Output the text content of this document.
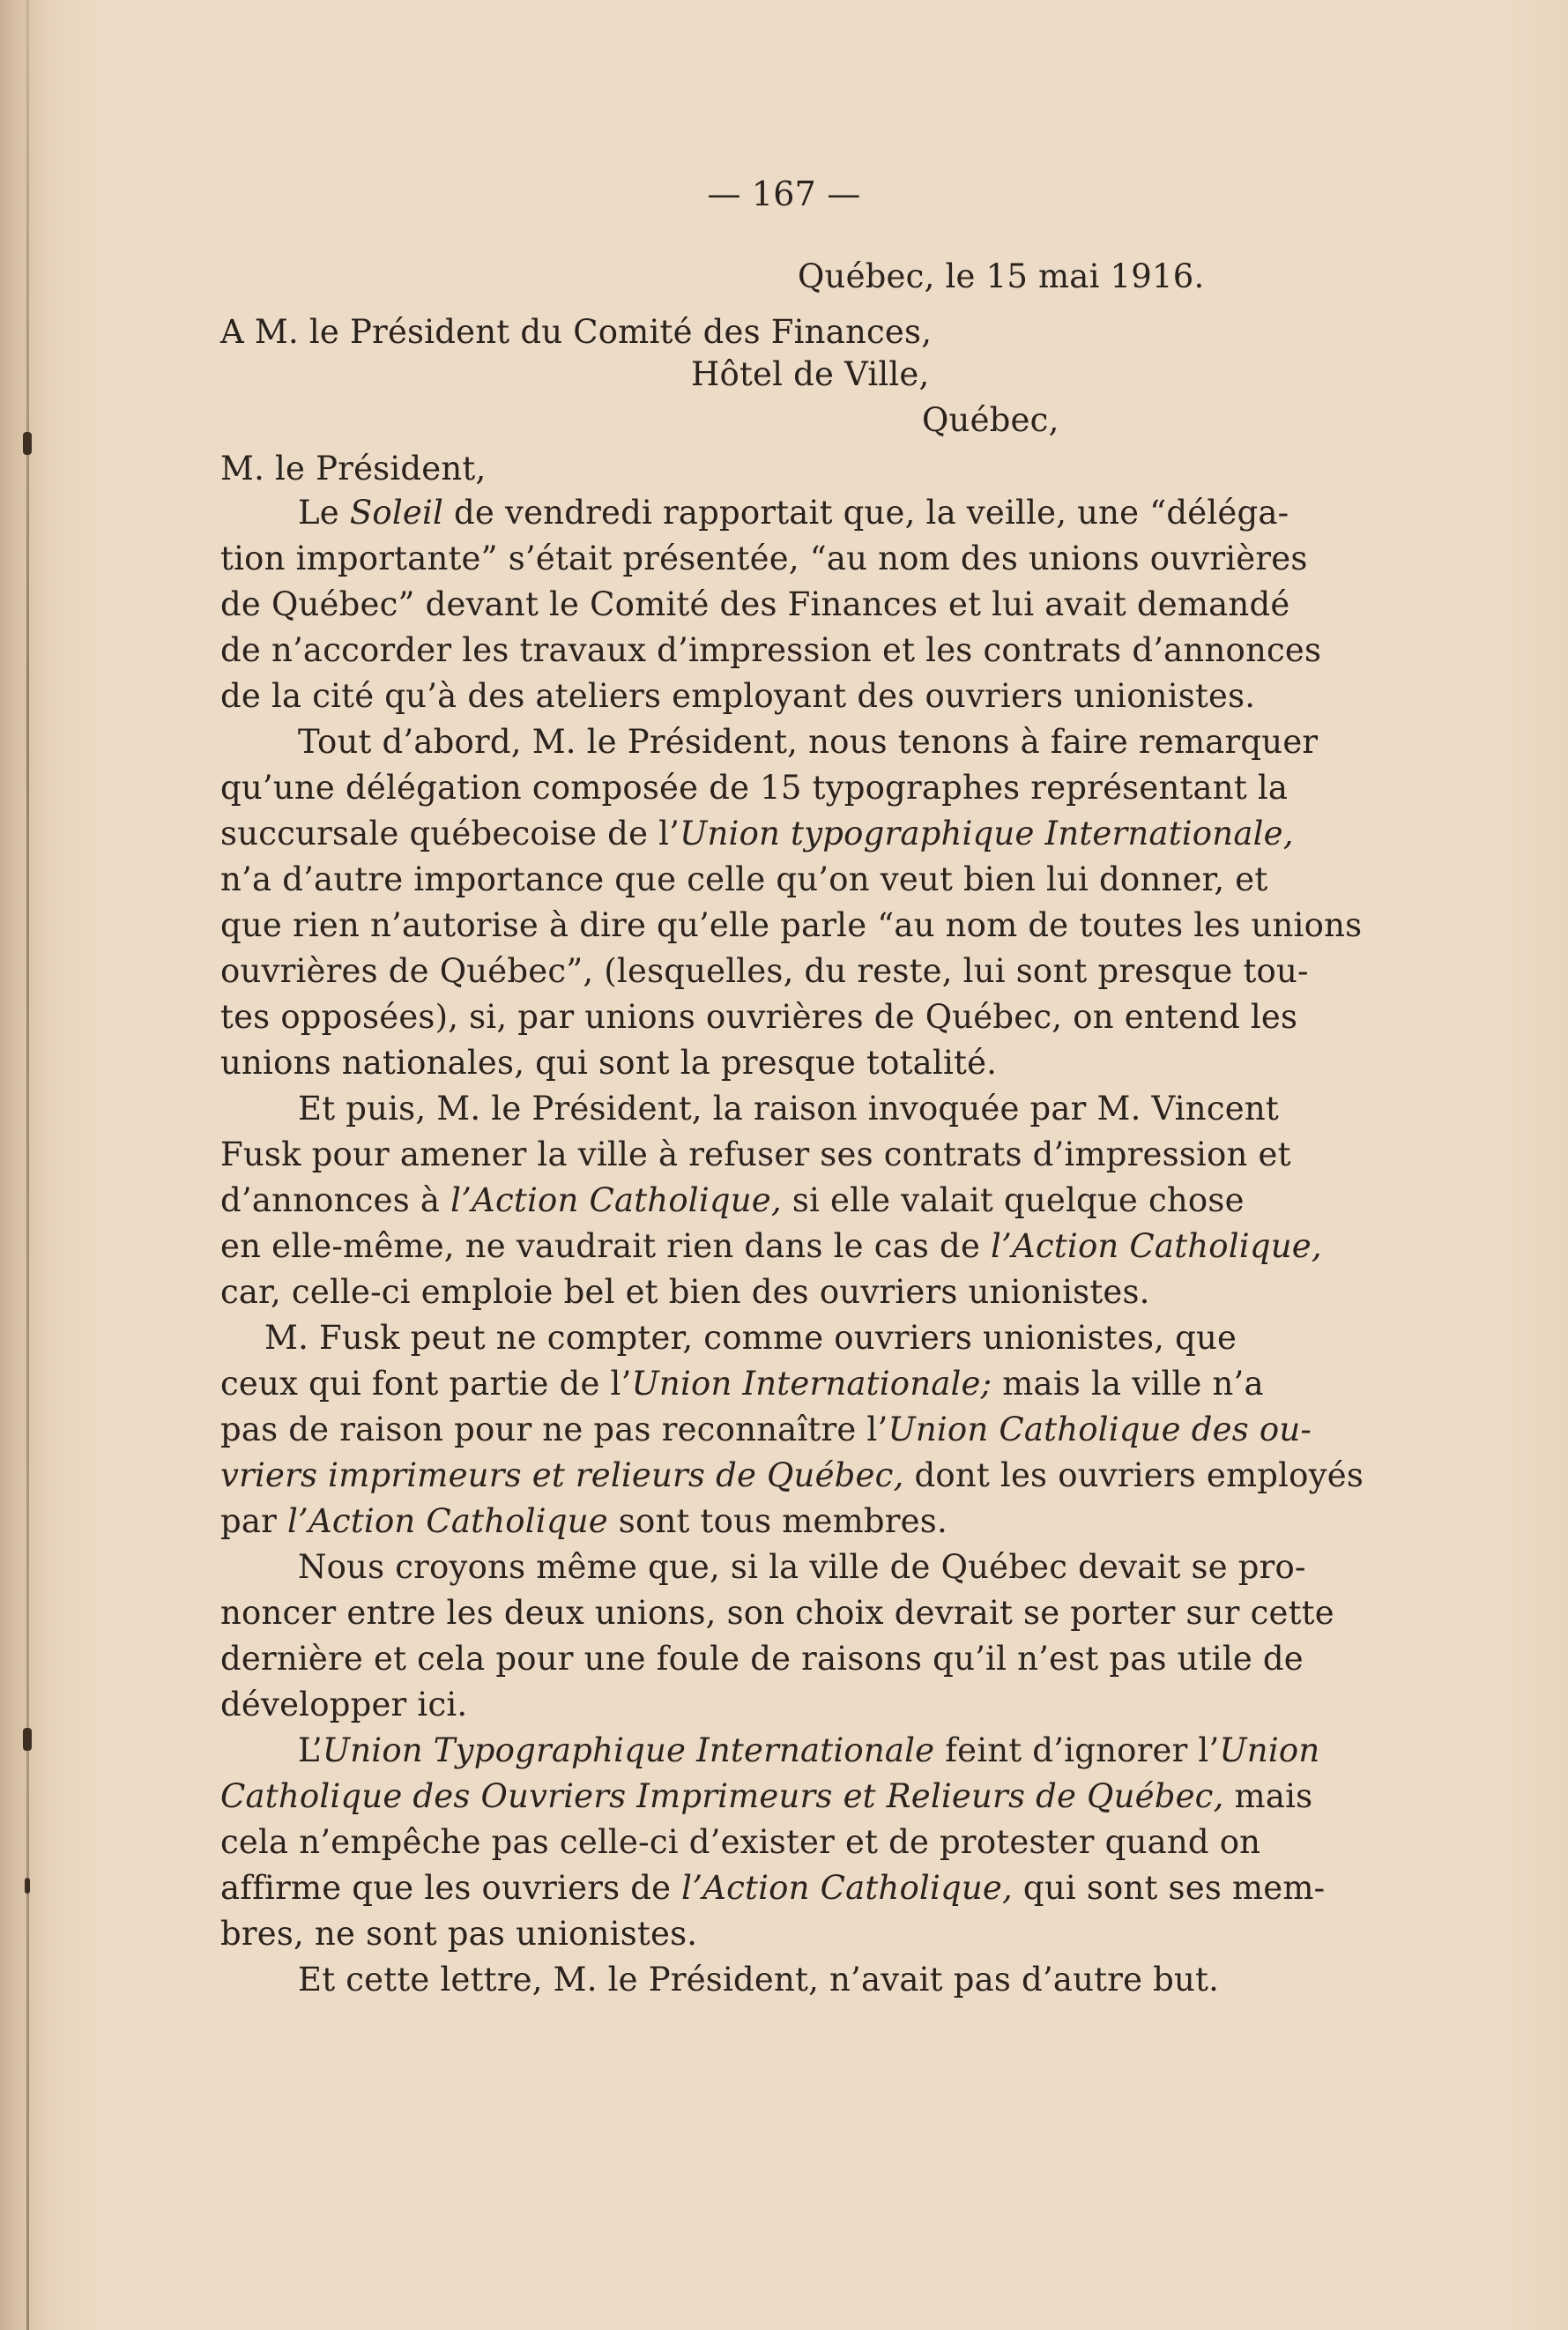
— 167 —
Québec, le 15 mai 1916.
A M. le Président du Comité des Finances,
Hôtel de Ville,
Québec,
M. le Président,
Le Soleil de vendredi rapportait que, la veille, une “déléga-
tion importante” s’était présentée, “au nom des unions ouvrières
de Québec” devant le Comité des Finances et lui avait demandé
de n’accorder les travaux d’impression et les contrats d’annonces
de la cité qu’à des ateliers employant des ouvriers unionistes.
Tout d’abord, M. le Président, nous tenons à faire remarquer
qu’une délégation composée de 15 typographes représentant la
succursale québecoise de l’Union typographique Internationale,
n’a d’autre importance que celle qu’on veut bien lui donner, et
que rien n’autorise à dire qu’elle parle “au nom de toutes les unions
ouvrières de Québec”, (lesquelles, du reste, lui sont presque tou-
tes opposées), si, par unions ouvrières de Québec, on entend les
unions nationales, qui sont la presque totalité.
Et puis, M. le Président, la raison invoquée par M. Vincent
Fusk pour amener la ville à refuser ses contrats d’impression et
d’annonces à l’Action Catholique, si elle valait quelque chose
en elle-même, ne vaudrait rien dans le cas de l’Action Catholique,
car, celle-ci emploie bel et bien des ouvriers unionistes.
M. Fusk peut ne compter, comme ouvriers unionistes, que
ceux qui font partie de l’Union Internationale; mais la ville n’a
pas de raison pour ne pas reconnaître l’Union Catholique des ou-
vriers imprimeurs et relieurs de Québec, dont les ouvriers employés
par l’Action Catholique sont tous membres.
Nous croyons même que, si la ville de Québec devait se pro-
noncer entre les deux unions, son choix devrait se porter sur cette
dernière et cela pour une foule de raisons qu’il n’est pas utile de
développer ici.
L’Union Typographique Internationale feint d’ignorer l’Union
Catholique des Ouvriers Imprimeurs et Relieurs de Québec, mais
cela n’empêche pas celle-ci d’exister et de protester quand on
affirme que les ouvriers de l’Action Catholique, qui sont ses mem-
bres, ne sont pas unionistes.
Et cette lettre, M. le Président, n’avait pas d’autre but.
